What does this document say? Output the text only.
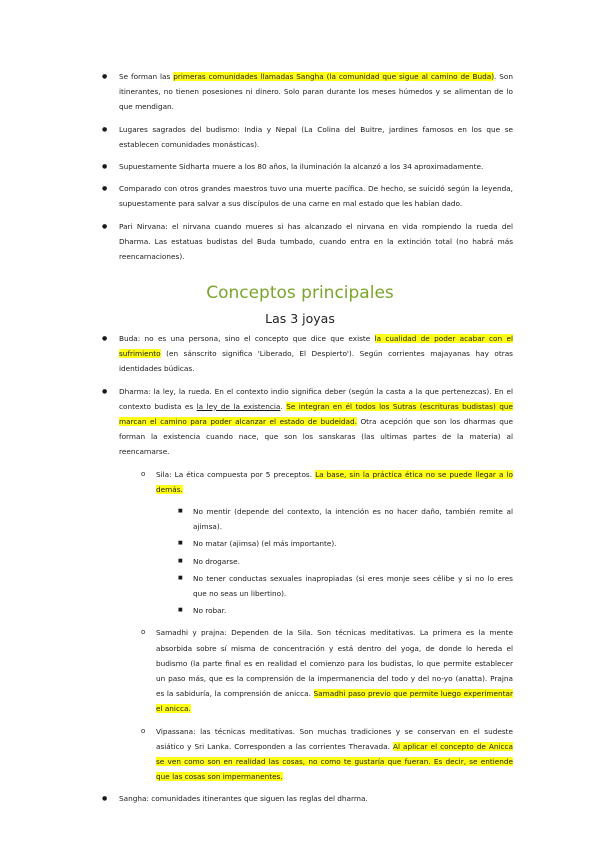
● Se forman las primeras comunidades llamadas Sangha (la comunidad que sigue al camino de Buda). Son itinerantes, no tienen posesiones ni dinero. Solo paran durante los meses húmedos y se alimentan de lo que mendigan.

● Lugares sagrados del budismo: India y Nepal (La Colina del Buitre, jardines famosos en los que se establecen comunidades monásticas).

● Supuestamente Sidharta muere a los 80 años, la iluminación la alcanzó a los 34 aproximadamente.

● Comparado con otros grandes maestros tuvo una muerte pacífica. De hecho, se suicidó según la leyenda, supuestamente para salvar a sus discípulos de una carne en mal estado que les habían dado.

● Pari Nirvana: el nirvana cuando mueres si has alcanzado el nirvana en vida rompiendo la rueda del Dharma. Las estatuas budistas del Buda tumbado, cuando entra en la extinción total (no habrá más reencarnaciones).

Conceptos principales
Las 3 joyas

● Buda: no es una persona, sino el concepto que dice que existe la cualidad de poder acabar con el sufrimiento (en sánscrito significa 'Liberado, El Despierto'). Según corrientes majayanas hay otras identidades búdicas.

● Dharma: la ley, la rueda. En el contexto indio significa deber (según la casta a la que pertenezcas). En el contexto budista es la ley de la existencia. Se integran en él todos los Sutras (escrituras budistas) que marcan el camino para poder alcanzar el estado de budeidad. Otra acepción que son los dharmas que forman la existencia cuando nace, que son los sanskaras (las ultimas partes de la materia) al reencarnarse.

o Sila: La ética compuesta por 5 preceptos. La base, sin la práctica ética no se puede llegar a lo demás.

■ No mentir (depende del contexto, la intención es no hacer daño, también remite al ajimsa).

■ No matar (ajimsa) (el más importante).

■ No drogarse.

■ No tener conductas sexuales inapropiadas (si eres monje sees célibe y si no lo eres que no seas un libertino).

■ No robar.

o Samadhi y prajna: Dependen de la Sila. Son técnicas meditativas. La primera es la mente absorbida sobre sí misma de concentración y está dentro del yoga, de donde lo hereda el budismo (la parte final es en realidad el comienzo para los budistas, lo que permite establecer un paso más, que es la comprensión de la impermanencia del todo y del no-yo (anatta). Prajna es la sabiduría, la comprensión de anicca. Samadhi paso previo que permite luego experimentar el anicca.

o Vipassana: las técnicas meditativas. Son muchas tradiciones y se conservan en el sudeste asiático y Sri Lanka. Corresponden a las corrientes Theravada. Al aplicar el concepto de Anicca se ven como son en realidad las cosas, no como te gustaría que fueran. Es decir, se entiende que las cosas son impermanentes.

● Sangha: comunidades itinerantes que siguen las reglas del dharma.
